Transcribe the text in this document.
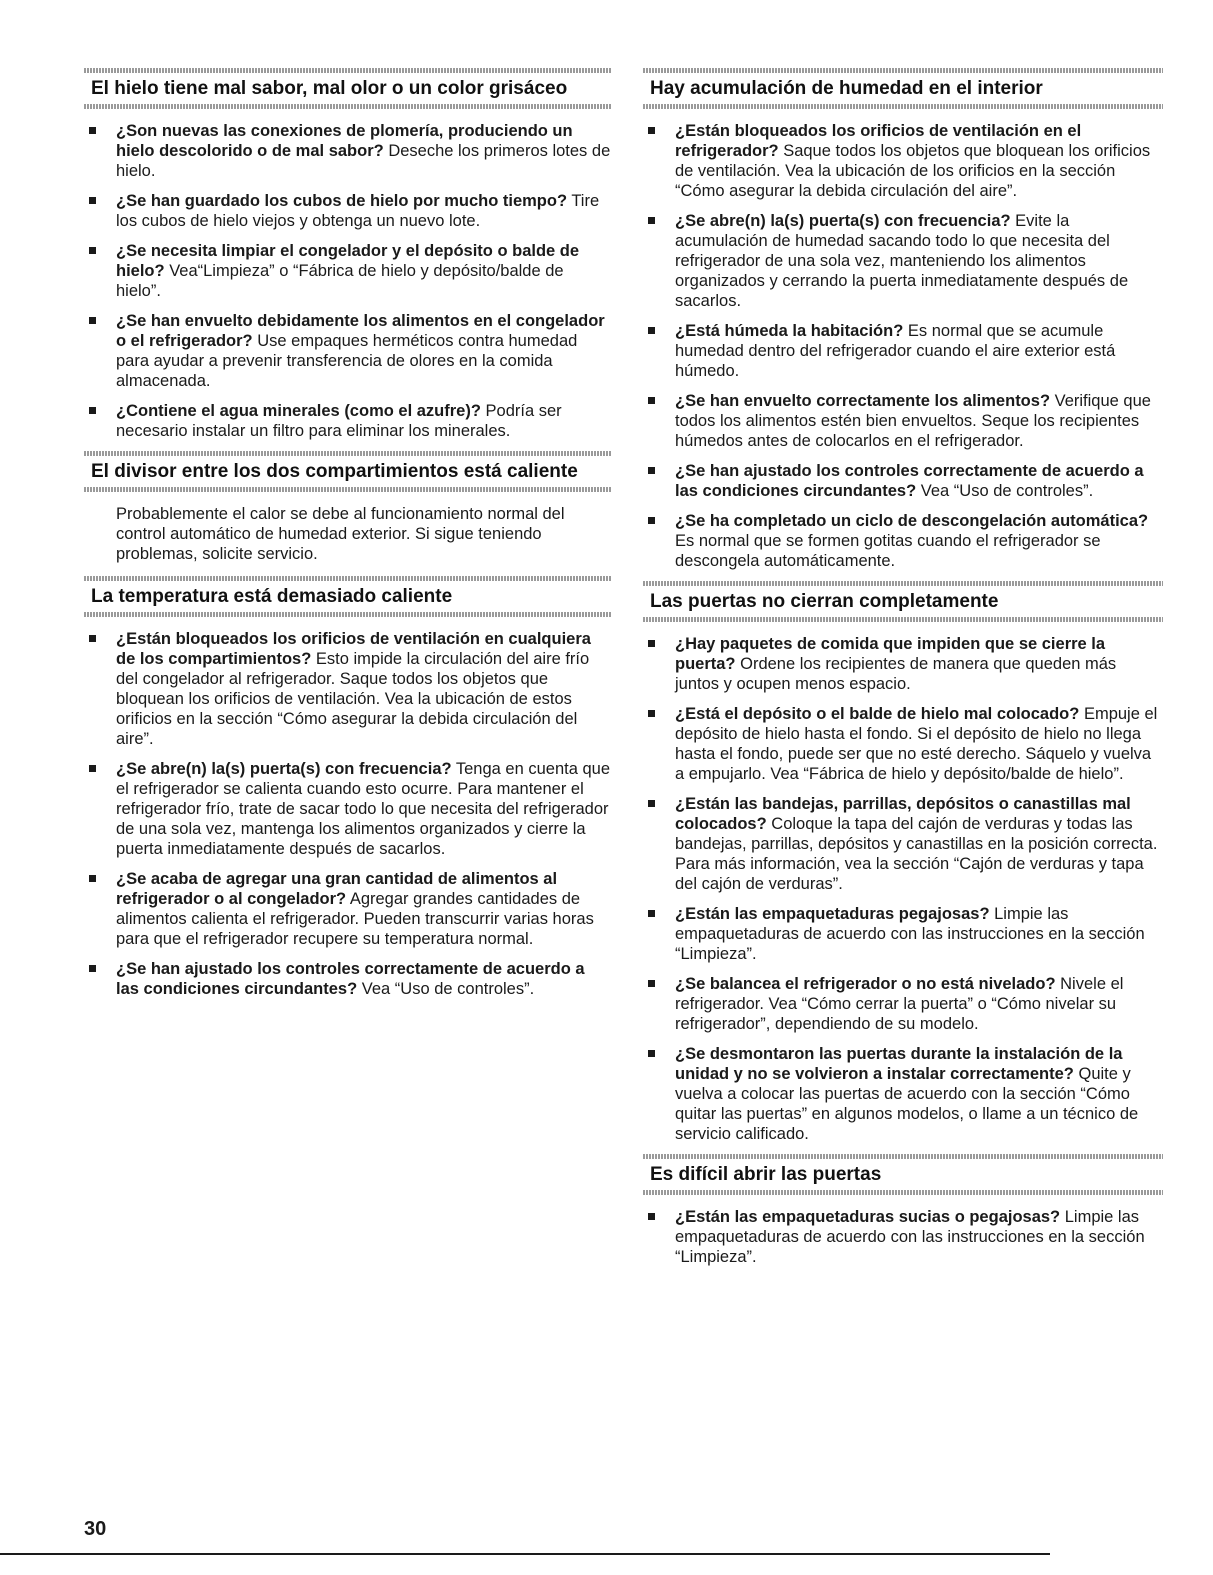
El hielo tiene mal sabor, mal olor o un color grisáceo
¿Son nuevas las conexiones de plomería, produciendo un hielo descolorido o de mal sabor? Deseche los primeros lotes de hielo.
¿Se han guardado los cubos de hielo por mucho tiempo? Tire los cubos de hielo viejos y obtenga un nuevo lote.
¿Se necesita limpiar el congelador y el depósito o balde de hielo? Vea“Limpieza” o “Fábrica de hielo y depósito/balde de hielo”.
¿Se han envuelto debidamente los alimentos en el congelador o el refrigerador? Use empaques herméticos contra humedad para ayudar a prevenir transferencia de olores en la comida almacenada.
¿Contiene el agua minerales (como el azufre)? Podría ser necesario instalar un filtro para eliminar los minerales.
El divisor entre los dos compartimientos está caliente

Probablemente el calor se debe al funcionamiento normal del control automático de humedad exterior. Si sigue teniendo problemas, solicite servicio.

La temperatura está demasiado caliente
¿Están bloqueados los orificios de ventilación en cualquiera de los compartimientos? Esto impide la circulación del aire frío del congelador al refrigerador. Saque todos los objetos que bloquean los orificios de ventilación. Vea la ubicación de estos orificios en la sección “Cómo asegurar la debida circulación del aire”.
¿Se abre(n) la(s) puerta(s) con frecuencia? Tenga en cuenta que el refrigerador se calienta cuando esto ocurre. Para mantener el refrigerador frío, trate de sacar todo lo que necesita del refrigerador de una sola vez, mantenga los alimentos organizados y cierre la puerta inmediatamente después de sacarlos.
¿Se acaba de agregar una gran cantidad de alimentos al refrigerador o al congelador? Agregar grandes cantidades de alimentos calienta el refrigerador. Pueden transcurrir varias horas para que el refrigerador recupere su temperatura normal.
¿Se han ajustado los controles correctamente de acuerdo a las condiciones circundantes? Vea “Uso de controles”.
Hay acumulación de humedad en el interior
¿Están bloqueados los orificios de ventilación en el refrigerador? Saque todos los objetos que bloquean los orificios de ventilación. Vea la ubicación de los orificios en la sección “Cómo asegurar la debida circulación del aire”.
¿Se abre(n) la(s) puerta(s) con frecuencia? Evite la acumulación de humedad sacando todo lo que necesita del refrigerador de una sola vez, manteniendo los alimentos organizados y cerrando la puerta inmediatamente después de sacarlos.
¿Está húmeda la habitación? Es normal que se acumule humedad dentro del refrigerador cuando el aire exterior está húmedo.
¿Se han envuelto correctamente los alimentos? Verifique que todos los alimentos estén bien envueltos. Seque los recipientes húmedos antes de colocarlos en el refrigerador.
¿Se han ajustado los controles correctamente de acuerdo a las condiciones circundantes? Vea “Uso de controles”.
¿Se ha completado un ciclo de descongelación automática? Es normal que se formen gotitas cuando el refrigerador se descongela automáticamente.
Las puertas no cierran completamente
¿Hay paquetes de comida que impiden que se cierre la puerta? Ordene los recipientes de manera que queden más juntos y ocupen menos espacio.
¿Está el depósito o el balde de hielo mal colocado? Empuje el depósito de hielo hasta el fondo. Si el depósito de hielo no llega hasta el fondo, puede ser que no esté derecho. Sáquelo y vuelva a empujarlo. Vea “Fábrica de hielo y depósito/balde de hielo”.
¿Están las bandejas, parrillas, depósitos o canastillas mal colocados? Coloque la tapa del cajón de verduras y todas las bandejas, parrillas, depósitos y canastillas en la posición correcta. Para más información, vea la sección “Cajón de verduras y tapa del cajón de verduras”.
¿Están las empaquetaduras pegajosas? Limpie las empaquetaduras de acuerdo con las instrucciones en la sección “Limpieza”.
¿Se balancea el refrigerador o no está nivelado? Nivele el refrigerador. Vea “Cómo cerrar la puerta” o “Cómo nivelar su refrigerador”, dependiendo de su modelo.
¿Se desmontaron las puertas durante la instalación de la unidad y no se volvieron a instalar correctamente? Quite y vuelva a colocar las puertas de acuerdo con la sección “Cómo quitar las puertas” en algunos modelos, o llame a un técnico de servicio calificado.
Es difícil abrir las puertas
¿Están las empaquetaduras sucias o pegajosas? Limpie las empaquetaduras de acuerdo con las instrucciones en la sección “Limpieza”.
30
